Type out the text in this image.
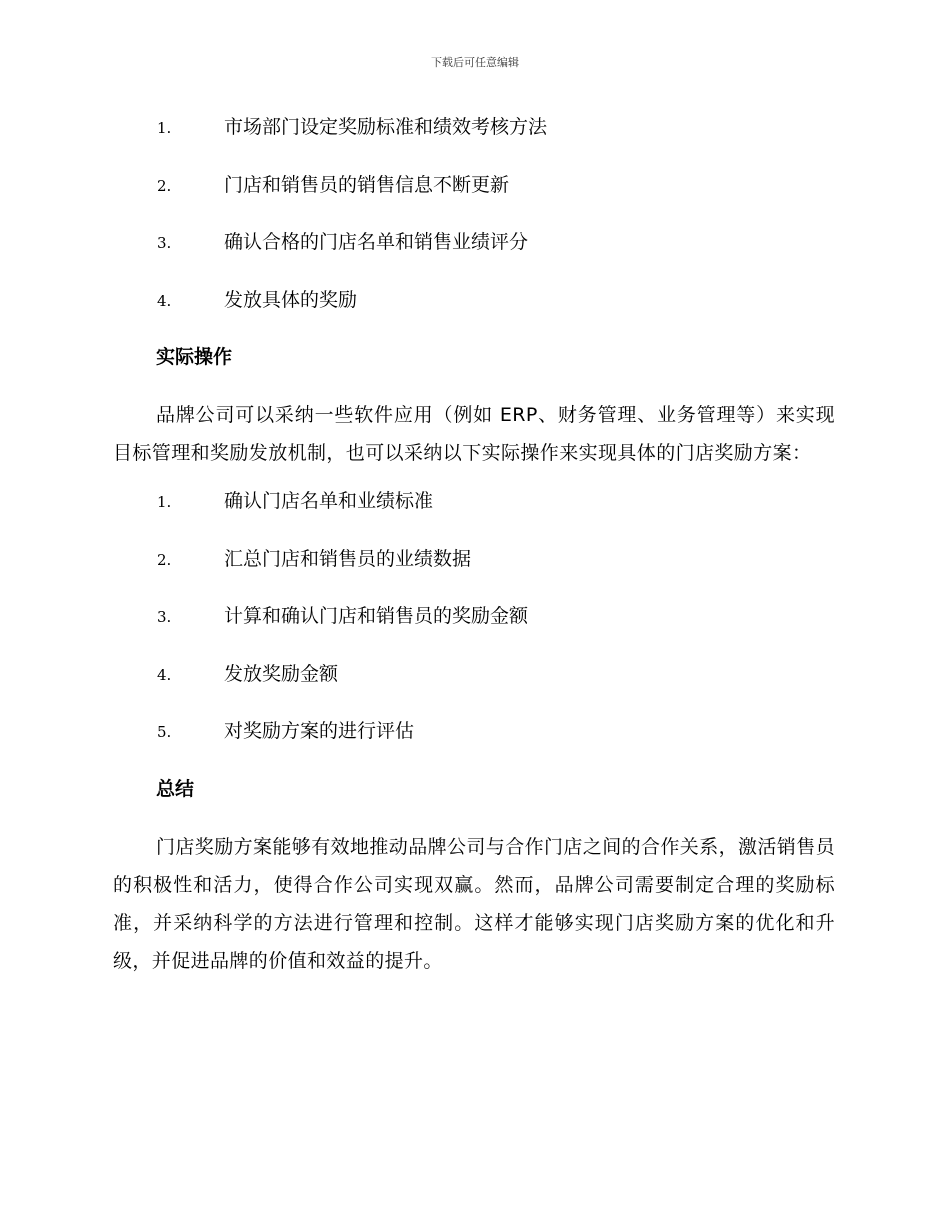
下载后可任意编辑
1.	市场部门设定奖励标准和绩效考核方法
2.	门店和销售员的销售信息不断更新
3.	确认合格的门店名单和销售业绩评分
4.	发放具体的奖励
实际操作

品牌公司可以采纳一些软件应用（例如 ERP、财务管理、业务管理等）来实现目标管理和奖励发放机制，也可以采纳以下实际操作来实现具体的门店奖励方案：

1.	确认门店名单和业绩标准
2.	汇总门店和销售员的业绩数据
3.	计算和确认门店和销售员的奖励金额
4.	发放奖励金额
5.	对奖励方案的进行评估
总结

门店奖励方案能够有效地推动品牌公司与合作门店之间的合作关系，激活销售员的积极性和活力，使得合作公司实现双赢。然而，品牌公司需要制定合理的奖励标准，并采纳科学的方法进行管理和控制。这样才能够实现门店奖励方案的优化和升级，并促进品牌的价值和效益的提升。
